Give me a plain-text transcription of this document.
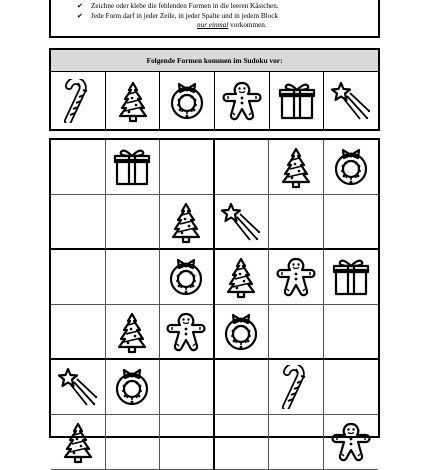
✔ Zeichne oder klebe die fehlenden Formen in die leeren Kästchen.
✔ Jede Form darf in jeder Zeile, in jeder Spalte und in jedem Block
nur einmal vorkommen.
Folgende Formen kommen im Sudoku vor:
